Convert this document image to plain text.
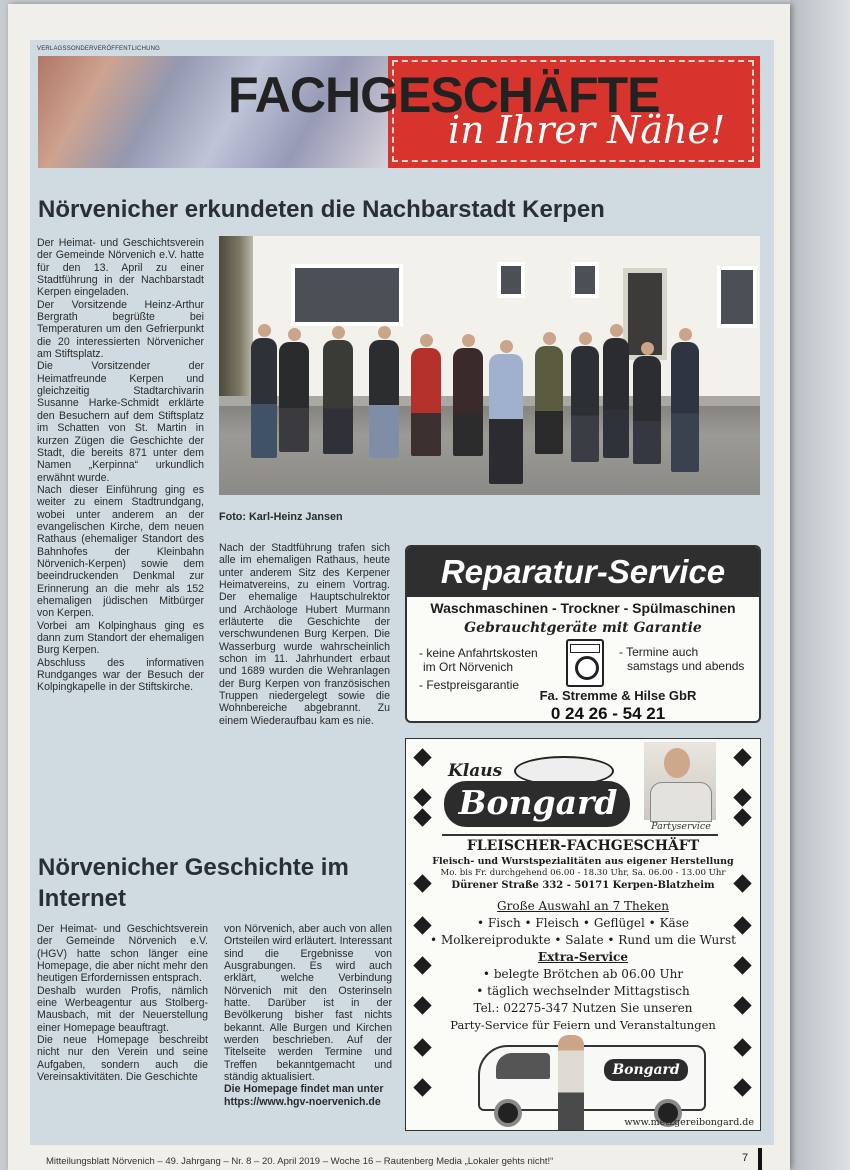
VERLAGSSONDERVERÖFFENTLICHUNG
FACHGESCHÄFTE
in Ihrer Nähe!
Nörvenicher erkundeten die Nachbarstadt Kerpen

Der Heimat- und Geschichtsverein der Gemeinde Nörvenich e.V. hatte für den 13. April zu einer Stadtführung in der Nachbarstadt Kerpen eingeladen.

Der Vorsitzende Heinz-Arthur Bergrath begrüßte bei Temperaturen um den Gefrierpunkt die 20 interessierten Nörvenicher am Stiftsplatz.

Die Vorsitzender der Heimatfreunde Kerpen und gleichzeitig Stadtarchivarin Susanne Harke-Schmidt erklärte den Besuchern auf dem Stiftsplatz im Schatten von St. Martin in kurzen Zügen die Geschichte der Stadt, die bereits 871 unter dem Namen „Kerpinna“ urkundlich erwähnt wurde.

Nach dieser Einführung ging es weiter zu einem Stadtrundgang, wobei unter anderem an der evangelischen Kirche, dem neuen Rathaus (ehemaliger Standort des Bahnhofes der Kleinbahn Nörvenich-Kerpen) sowie dem beeindruckenden Denkmal zur Erinnerung an die mehr als 152 ehemaligen jüdischen Mitbürger von Kerpen.

Vorbei am Kolpinghaus ging es dann zum Standort der ehemaligen Burg Kerpen.

Abschluss des informativen Rundganges war der Besuch der Kolpingkapelle in der Stiftskirche.

Foto: Karl-Heinz Jansen

Nach der Stadtführung trafen sich alle im ehemaligen Rathaus, heute unter anderem Sitz des Kerpener Heimatvereins, zu einem Vortrag. Der ehemalige Hauptschulrektor und Archäologe Hubert Murmann erläuterte die Geschichte der verschwundenen Burg Kerpen. Die Wasserburg wurde wahrscheinlich schon im 11. Jahrhundert erbaut und 1689 wurden die Wehranlagen der Burg Kerpen von französischen Truppen niedergelegt sowie die Wohnbereiche abgebrannt. Zu einem Wiederaufbau kam es nie.

Reparatur-Service
Waschmaschinen - Trockner - Spülmaschinen
Gebrauchtgeräte mit Garantie
- keine Anfahrtskosten
im Ort Nörvenich
- Festpreisgarantie
- Termine auch
samstags und abends
Fa. Stremme & Hilse GbR
0 24 26 - 54 21
Nörvenicher Geschichte im Internet

Der Heimat- und Geschichtsverein der Gemeinde Nörvenich e.V. (HGV) hatte schon länger eine Homepage, die aber nicht mehr den heutigen Erfordernissen entsprach.

Deshalb wurden Profis, nämlich eine Werbeagentur aus Stolberg-Mausbach, mit der Neuerstellung einer Homepage beauftragt.

Die neue Homepage beschreibt nicht nur den Verein und seine Aufgaben, sondern auch die Vereinsaktivitäten. Die Geschichte

von Nörvenich, aber auch von allen Ortsteilen wird erläutert. Interessant sind die Ergebnisse von Ausgrabungen. Es wird auch erklärt, welche Verbindung Nörvenich mit den Osterinseln hatte. Darüber ist in der Bevölkerung bisher fast nichts bekannt. Alle Burgen und Kirchen werden beschrieben. Auf der Titelseite werden Termine und Treffen bekanntgemacht und ständig aktualisiert.

Die Homepage findet man unter https://www.hgv-noervenich.de

Klaus
Bongard
Partyservice
FLEISCHER-FACHGESCHÄFT
Fleisch- und Wurstspezialitäten aus eigener Herstellung
Mo. bis Fr. durchgehend 06.00 - 18.30 Uhr, Sa. 06.00 - 13.00 Uhr
Dürener Straße 332 - 50171 Kerpen-Blatzheim
Große Auswahl an 7 Theken
• Fisch • Fleisch • Geflügel • Käse
• Molkereiprodukte • Salate • Rund um die Wurst
Extra-Service
• belegte Brötchen ab 06.00 Uhr
• täglich wechselnder Mittagstisch
Tel.: 02275-347 Nutzen Sie unseren
Party-Service für Feiern und Veranstaltungen
Bongard
www.metzgereibongard.de
Mitteilungsblatt Nörvenich – 49. Jahrgang – Nr. 8 – 20. April 2019 – Woche 16 – Rautenberg Media „Lokaler gehts nicht!“	7
